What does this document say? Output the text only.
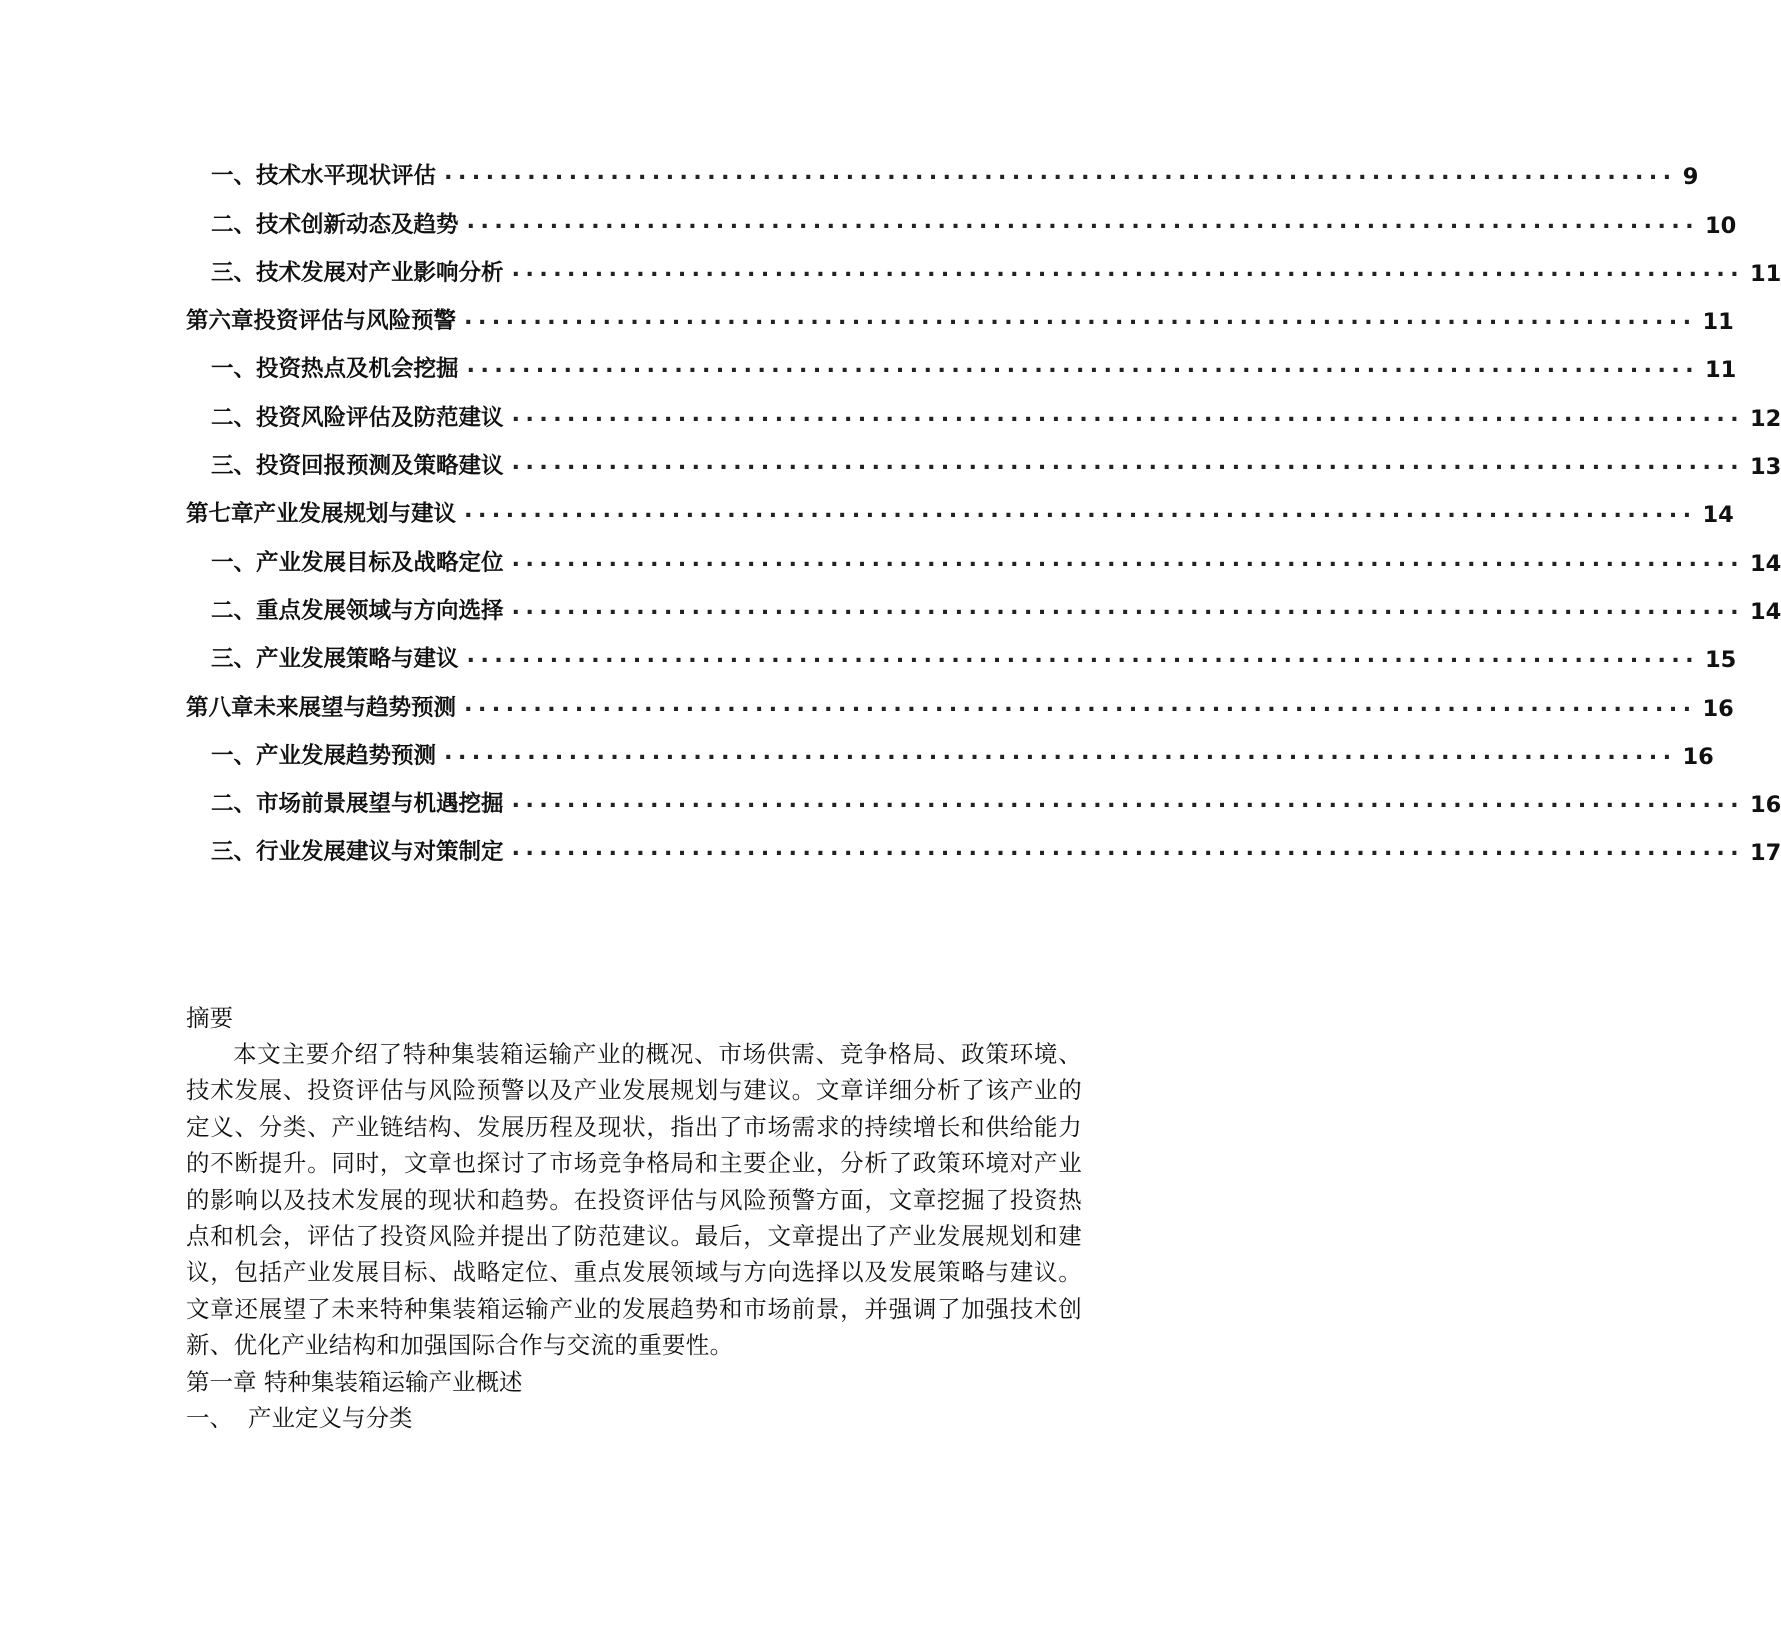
一、 技术水平现状评估 ......................................................................................... 9
二、 技术创新动态及趋势 ......................................................................................... 10
三、 技术发展对产业影响分析 ......................................................................................... 11
第六章 投资评估与风险预警 ......................................................................................... 11
一、 投资热点及机会挖掘 ......................................................................................... 11
二、 投资风险评估及防范建议 ......................................................................................... 12
三、 投资回报预测及策略建议 ......................................................................................... 13
第七章 产业发展规划与建议 ......................................................................................... 14
一、 产业发展目标及战略定位 ......................................................................................... 14
二、 重点发展领域与方向选择 ......................................................................................... 14
三、 产业发展策略与建议 ......................................................................................... 15
第八章 未来展望与趋势预测 ......................................................................................... 16
一、 产业发展趋势预测 ......................................................................................... 16
二、 市场前景展望与机遇挖掘 ......................................................................................... 16
三、 行业发展建议与对策制定 ......................................................................................... 17
摘要

本文主要介绍了特种集装箱运输产业的概况、市场供需、竞争格局、政策环境、技术发展、投资评估与风险预警以及产业发展规划与建议。文章详细分析了该产业的定义、分类、产业链结构、发展历程及现状，指出了市场需求的持续增长和供给能力的不断提升。同时，文章也探讨了市场竞争格局和主要企业，分析了政策环境对产业的影响以及技术发展的现状和趋势。在投资评估与风险预警方面，文章挖掘了投资热点和机会，评估了投资风险并提出了防范建议。最后，文章提出了产业发展规划和建议，包括产业发展目标、战略定位、重点发展领域与方向选择以及发展策略与建议。文章还展望了未来特种集装箱运输产业的发展趋势和市场前景，并强调了加强技术创新、优化产业结构和加强国际合作与交流的重要性。

第一章 特种集装箱运输产业概述
一、 产业定义与分类
